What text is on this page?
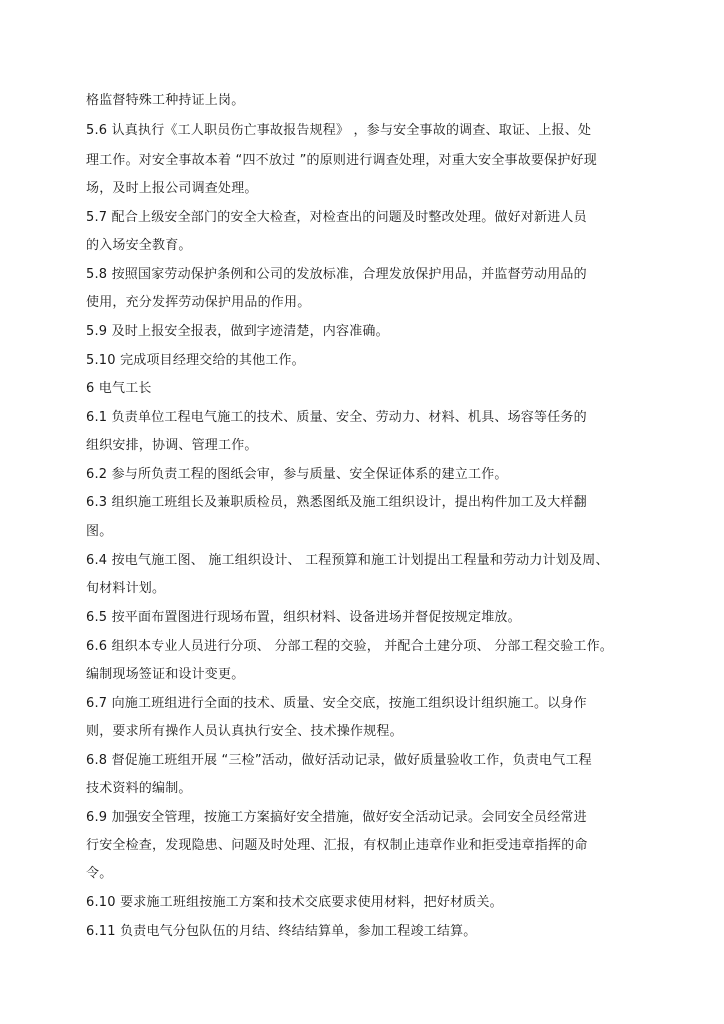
格监督特殊工种持证上岗。
5.6 认真执行《工人职员伤亡事故报告规程》 ，参与安全事故的调查、取证、上报、处
理工作。对安全事故本着 “四不放过 ”的原则进行调查处理，对重大安全事故要保护好现
场，及时上报公司调查处理。
5.7 配合上级安全部门的安全大检查，对检查出的问题及时整改处理。做好对新进人员
的入场安全教育。
5.8 按照国家劳动保护条例和公司的发放标准，合理发放保护用品，并监督劳动用品的
使用，充分发挥劳动保护用品的作用。
5.9 及时上报安全报表，做到字迹清楚，内容准确。
5.10 完成项目经理交给的其他工作。
6 电气工长
6.1 负责单位工程电气施工的技术、质量、安全、劳动力、材料、机具、场容等任务的
组织安排，协调、管理工作。
6.2 参与所负责工程的图纸会审，参与质量、安全保证体系的建立工作。
6.3 组织施工班组长及兼职质检员，熟悉图纸及施工组织设计，提出构件加工及大样翻
图。
6.4 按电气施工图、 施工组织设计、 工程预算和施工计划提出工程量和劳动力计划及周、
旬材料计划。
6.5 按平面布置图进行现场布置，组织材料、设备进场并督促按规定堆放。
6.6 组织本专业人员进行分项、 分部工程的交验， 并配合土建分项、 分部工程交验工作。
编制现场签证和设计变更。
6.7 向施工班组进行全面的技术、质量、安全交底，按施工组织设计组织施工。以身作
则，要求所有操作人员认真执行安全、技术操作规程。
6.8 督促施工班组开展 “三检”活动，做好活动记录，做好质量验收工作，负责电气工程
技术资料的编制。
6.9 加强安全管理，按施工方案搞好安全措施，做好安全活动记录。会同安全员经常进
行安全检查，发现隐患、问题及时处理、汇报，有权制止违章作业和拒受违章指挥的命
令。
6.10 要求施工班组按施工方案和技术交底要求使用材料，把好材质关。
6.11 负责电气分包队伍的月结、终结结算单，参加工程竣工结算。
